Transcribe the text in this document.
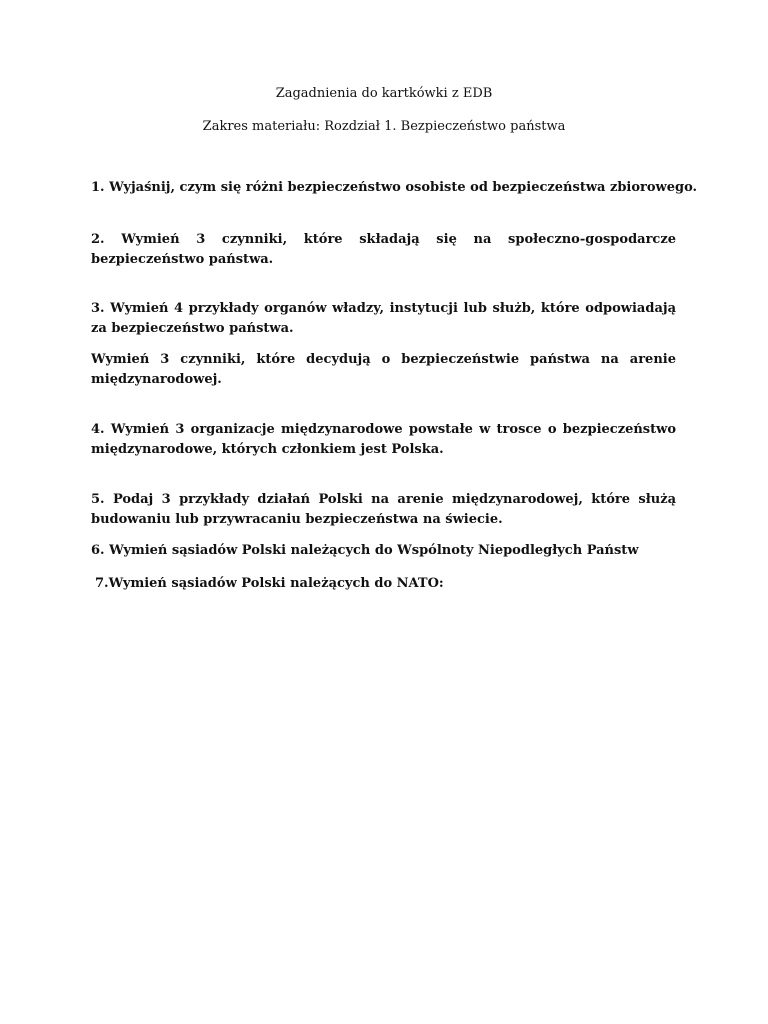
Zagadnienia do kartkówki z EDB
Zakres materiału: Rozdział 1. Bezpieczeństwo państwa
1. Wyjaśnij, czym się różni bezpieczeństwo osobiste od bezpieczeństwa zbiorowego.
2. Wymień 3 czynniki, które składają się na społeczno-gospodarcze bezpieczeństwo państwa.
3. Wymień 4 przykłady organów władzy, instytucji lub służb, które odpowiadają za bezpieczeństwo państwa.
Wymień 3 czynniki, które decydują o bezpieczeństwie państwa na arenie międzynarodowej.
4. Wymień 3 organizacje międzynarodowe powstałe w trosce o bezpieczeństwo międzynarodowe, których członkiem jest Polska.
5. Podaj 3 przykłady działań Polski na arenie międzynarodowej, które służą budowaniu lub przywracaniu bezpieczeństwa na świecie.
6. Wymień sąsiadów Polski należących do Wspólnoty Niepodległych Państw
7.Wymień sąsiadów Polski należących do NATO:
